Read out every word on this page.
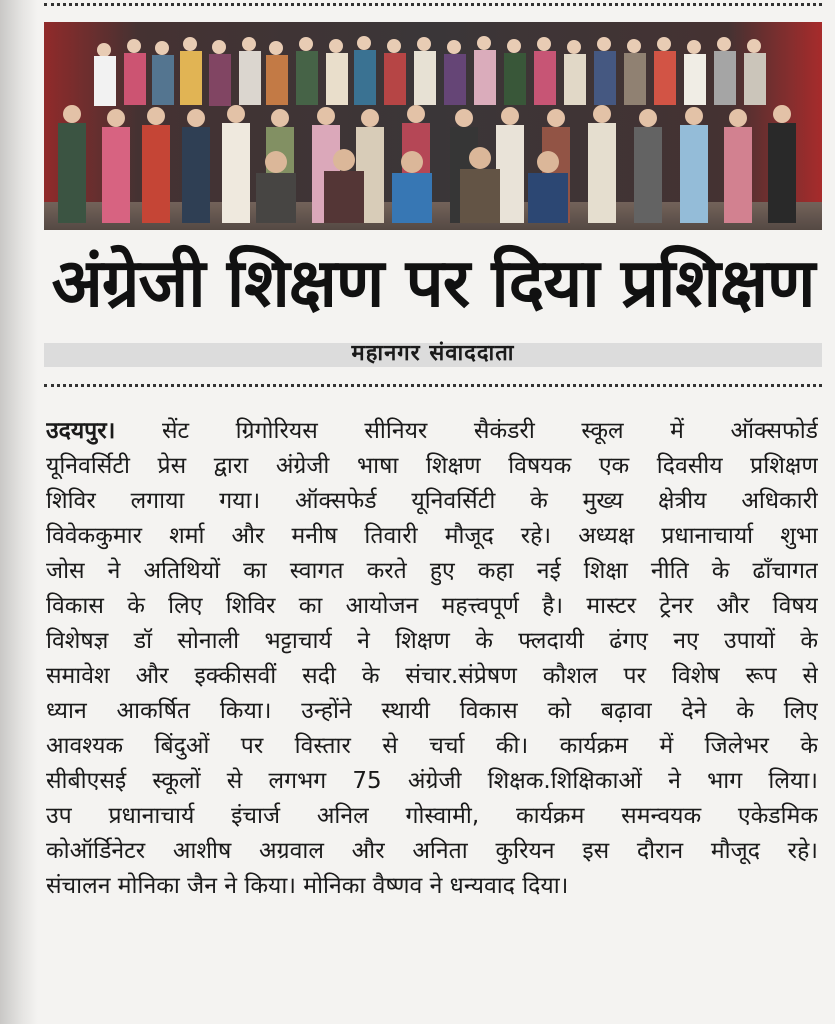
अंग्रेजी शिक्षण पर दिया प्रशिक्षण
महानगर संवाददाता
उदयपुर। सेंट ग्रिगोरियस सीनियर सैकंडरी स्कूल में ऑक्सफोर्ड
यूनिवर्सिटी प्रेस द्वारा अंग्रेजी भाषा शिक्षण विषयक एक दिवसीय प्रशिक्षण
शिविर लगाया गया। ऑक्सफेर्ड यूनिवर्सिटी के मुख्य क्षेत्रीय अधिकारी
विवेककुमार शर्मा और मनीष तिवारी मौजूद रहे। अध्यक्ष प्रधानाचार्या शुभा
जोस ने अतिथियों का स्वागत करते हुए कहा नई शिक्षा नीति के ढाँचागत
विकास के लिए शिविर का आयोजन महत्त्वपूर्ण है। मास्टर ट्रेनर और विषय
विशेषज्ञ डॉ सोनाली भट्टाचार्य ने शिक्षण के फ्लदायी ढंगए नए उपायों के
समावेश और इक्कीसवीं सदी के संचार.संप्रेषण कौशल पर विशेष रूप से
ध्यान आकर्षित किया। उन्होंने स्थायी विकास को बढ़ावा देने के लिए
आवश्यक बिंदुओं पर विस्तार से चर्चा की। कार्यक्रम में जिलेभर के
सीबीएसई स्कूलों से लगभग 75 अंग्रेजी शिक्षक.शिक्षिकाओं ने भाग लिया।
उप प्रधानाचार्य इंचार्ज अनिल गोस्वामी, कार्यक्रम समन्वयक एकेडमिक
कोऑर्डिनेटर आशीष अग्रवाल और अनिता कुरियन इस दौरान मौजूद रहे।
संचालन मोनिका जैन ने किया। मोनिका वैष्णव ने धन्यवाद दिया।
